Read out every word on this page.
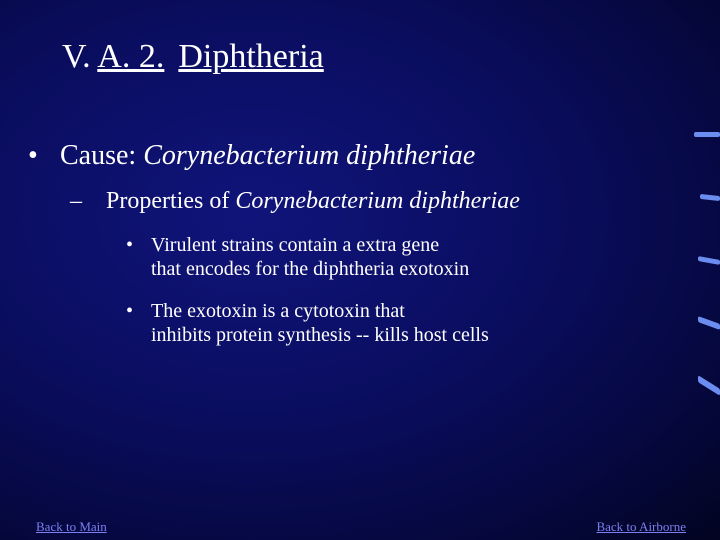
V. A. 2. Diphtheria
• Cause: Corynebacterium diphtheriae
– Properties of Corynebacterium diphtheriae
• Virulent strains contain a extra gene
that encodes for the diphtheria exotoxin
• The exotoxin is a cytotoxin that
inhibits protein synthesis -- kills host cells
Back to Main	Back to Airborne
